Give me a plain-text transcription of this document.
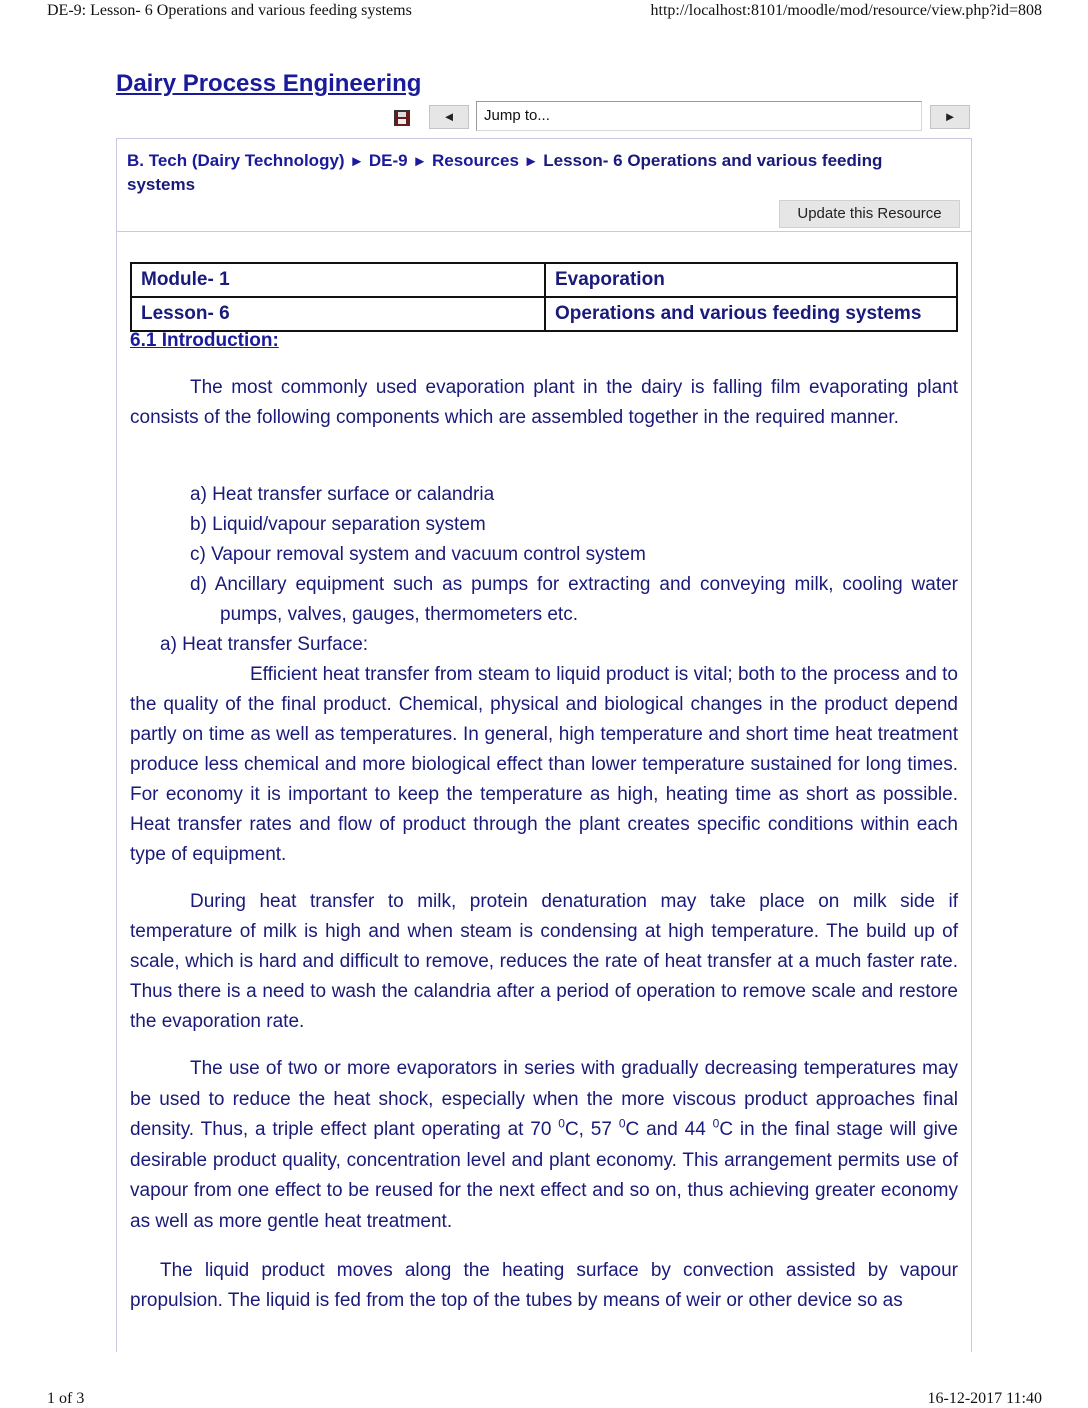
DE-9: Lesson- 6 Operations and various feeding systems	http://localhost:8101/moodle/mod/resource/view.php?id=808
Dairy Process Engineering
◄	Jump to...	►
B. Tech (Dairy Technology) ► DE-9 ► Resources ► Lesson- 6 Operations and various feeding systems
Update this Resource
Module- 1	Evaporation
Lesson- 6	Operations and various feeding systems
6.1 Introduction:
The most commonly used evaporation plant in the dairy is falling film evaporating plant consists of the following components which are assembled together in the required manner.
a) Heat transfer surface or calandria
b) Liquid/vapour separation system
c) Vapour removal system and vacuum control system
d) Ancillary equipment such as pumps for extracting and conveying milk, cooling water pumps, valves, gauges, thermometers etc.
a) Heat transfer Surface:
Efficient heat transfer from steam to liquid product is vital; both to the process and to the quality of the final product. Chemical, physical and biological changes in the product depend partly on time as well as temperatures. In general, high temperature and short time heat treatment produce less chemical and more biological effect than lower temperature sustained for long times. For economy it is important to keep the temperature as high, heating time as short as possible. Heat transfer rates and flow of product through the plant creates specific conditions within each type of equipment.
During heat transfer to milk, protein denaturation may take place on milk side if temperature of milk is high and when steam is condensing at high temperature. The build up of scale, which is hard and difficult to remove, reduces the rate of heat transfer at a much faster rate. Thus there is a need to wash the calandria after a period of operation to remove scale and restore the evaporation rate.
The use of two or more evaporators in series with gradually decreasing temperatures may be used to reduce the heat shock, especially when the more viscous product approaches final density. Thus, a triple effect plant operating at 70 $^0$C, 57 $^0$C and 44 $^0$C in the final stage will give desirable product quality, concentration level and plant economy. This arrangement permits use of vapour from one effect to be reused for the next effect and so on, thus achieving greater economy as well as more gentle heat treatment.
The liquid product moves along the heating surface by convection assisted by vapour propulsion. The liquid is fed from the top of the tubes by means of weir or other device so as
1 of 3	16-12-2017 11:40
